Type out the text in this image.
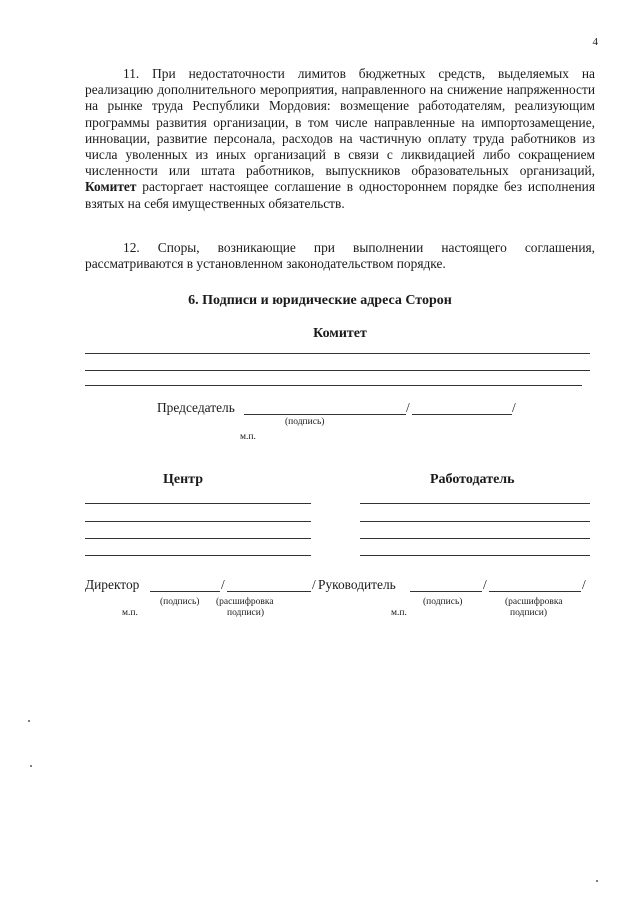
4

11. При недостаточности лимитов бюджетных средств, выделяемых на реализацию дополнительного мероприятия, направленного на снижение напряженности на рынке труда Республики Мордовия: возмещение работодателям, реализующим программы развития организации, в том числе направленные на импортозамещение, инновации, развитие персонала, расходов на частичную оплату труда работников из числа уволенных из иных организаций в связи с ликвидацией либо сокращением численности или штата работников, выпускников образовательных организаций, Комитет расторгает настоящее соглашение в одностороннем порядке без исполнения взятых на себя имущественных обязательств.

12. Споры, возникающие при выполнении настоящего соглашения, рассматриваются в установленном законодательством порядке.

6. Подписи и юридические адреса Сторон
Комитет
Председатель	/	/
(подпись)
м.п.
Центр	Работодатель
Директор	/	/ Руководитель	/	/
(подпись) (расшифровка
подписи)
м.п.
(подпись)	(расшифровка
подписи)
м.п.
